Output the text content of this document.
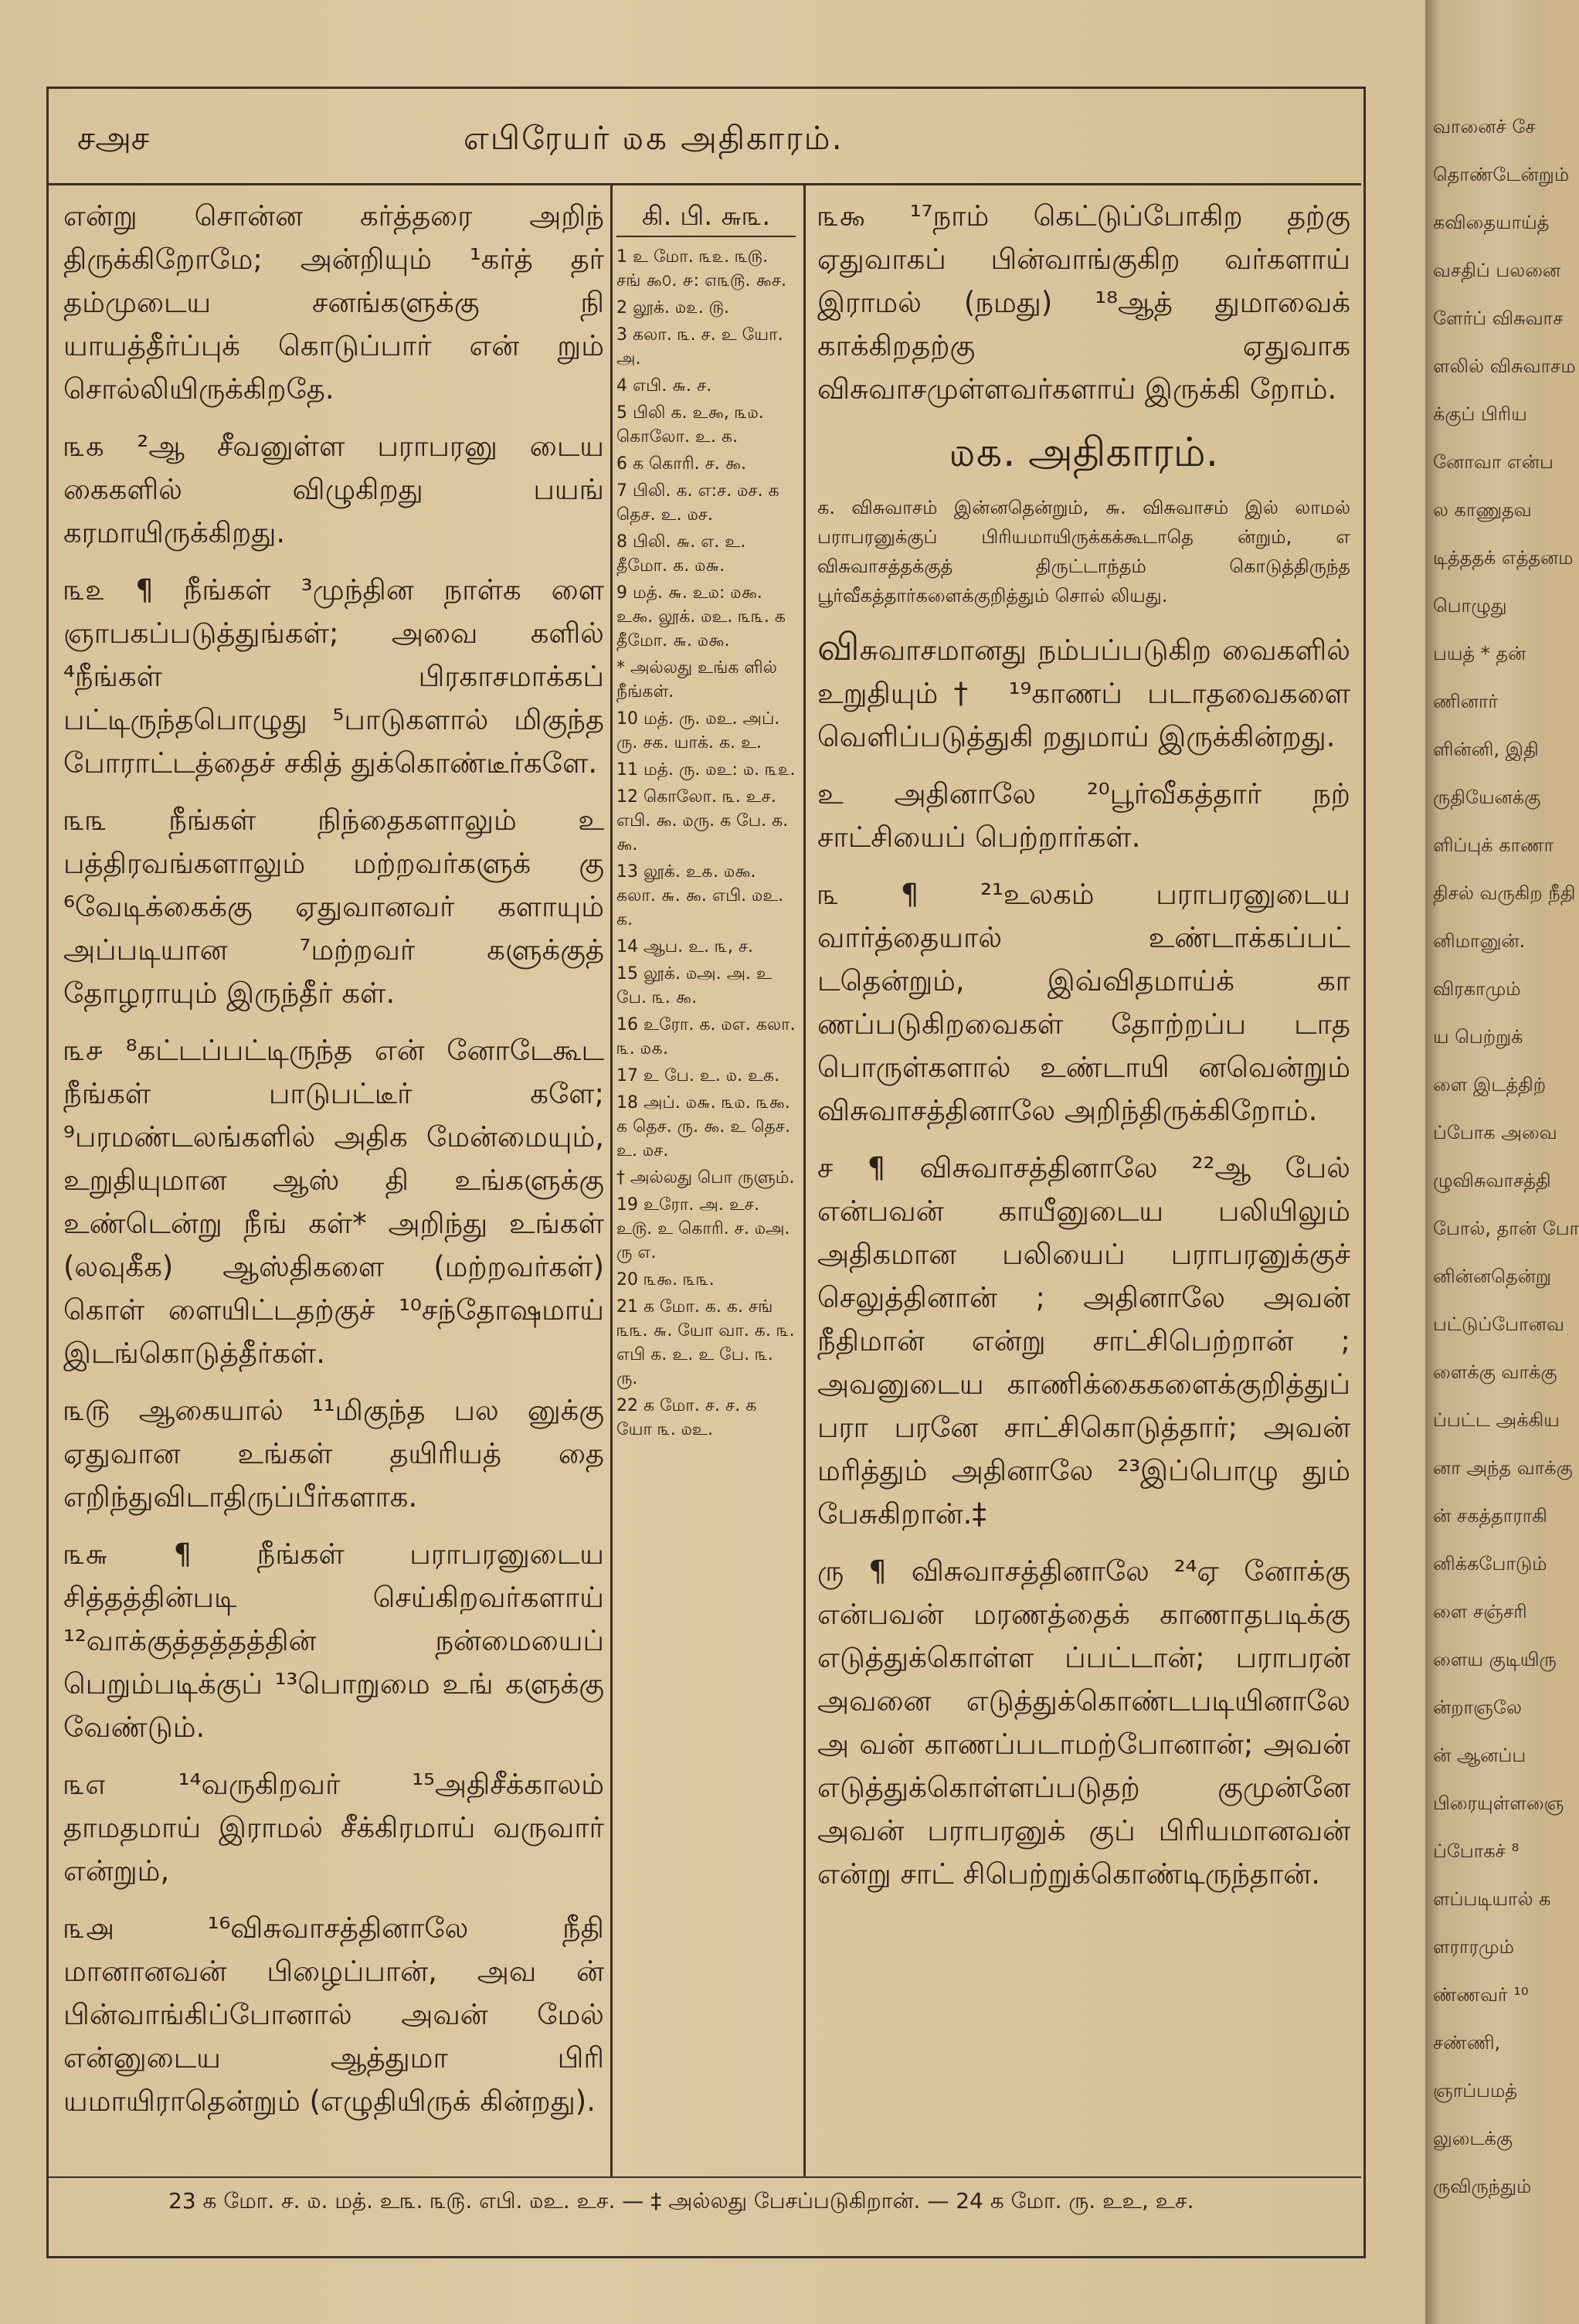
வானைச் சே
தொண்டேன்றும்
கவிதையாய்த்
வசதிப் பலனை
ளேர்ப் விசுவாச
ளலில் விசுவாசம
க்குப் பிரிய
னோவா என்ப
ல காணுதவ
டித்ததக் எத்தனம
பொழுது
பயத் * தன்
ணினார்
ளின்னி, இதி
ருதியேனக்கு
ளிப்புக் காணா
திசல் வருகிற நீதி
னிமானுன்.
விரகாமும்
ய பெற்றுக்
ளை இடத்திற்
ப்போக அவை
ழுவிசுவாசத்தி
போல், தான் போ
னின்னதென்று
பட்டுப்போனவ
ளைக்கு வாக்கு
ப்பட்ட அக்கிய
னா அந்த வாக்கு
ன் சகத்தாராகி
னிக்கபோடும்
ளை சஞ்சரி
ளைய குடியிரு
ன்றாஞலே
ன் ஆனப்ப
பிரையுள்ளஞை
ப்போகச் ⁸
ளப்படியால் க
ளராரமும்
ண்ணவர் ¹⁰
சண்ணி,
ஞாப்பமத்
லுடைக்கு
ருவிருந்தும்
சஅச	எபிரேயர் ௰௧ அதிகாரம்.

என்று சொன்ன கர்த்தரை அறிந் திருக்கிறோமே; அன்றியும் ¹கர்த் தர் தம்முடைய சனங்களுக்கு நி யாயத்தீர்ப்புக் கொடுப்பார் என் றும் சொல்லியிருக்கிறதே.

௩௧ ²ஆ சீவனுள்ள பராபரனு டைய கைகளில் விழுகிறது பயங் கரமாயிருக்கிறது.

௩௨ ¶ நீங்கள் ³முந்தின நாள்க ளை ஞாபகப்படுத்துங்கள்; அவை களில் ⁴நீங்கள் பிரகாசமாக்கப் பட்டிருந்தபொழுது ⁵பாடுகளால் மிகுந்த போராட்டத்தைச் சகித் துக்கொண்டீர்களே.

௩௩ நீங்கள் நிந்தைகளாலும் உ பத்திரவங்களாலும் மற்றவர்களுக் கு ⁶வேடிக்கைக்கு ஏதுவானவர் களாயும் அப்படியான ⁷மற்றவர் களுக்குத் தோழராயும் இருந்தீர் கள்.

௩௪ ⁸கட்டப்பட்டிருந்த என் னோடேகூட நீங்கள் பாடுபட்டீர் களே; ⁹பரமண்டலங்களில் அதிக மேன்மையும், உறுதியுமான ஆஸ் தி உங்களுக்கு உண்டென்று நீங் கள்* அறிந்து உங்கள் (லவுகீக) ஆஸ்திகளை (மற்றவர்கள்) கொள் ளையிட்டதற்குச் ¹⁰சந்தோஷமாய் இடங்கொடுத்தீர்கள்.

௩௫ ஆகையால் ¹¹மிகுந்த பல னுக்கு ஏதுவான உங்கள் தயிரியத் தை எறிந்துவிடாதிருப்பீர்களாக.

௩௬ ¶ நீங்கள் பராபரனுடைய சித்தத்தின்படி செய்கிறவர்களாய் ¹²வாக்குத்தத்தத்தின் நன்மையைப் பெறும்படிக்குப் ¹³பொறுமை உங் களுக்கு வேண்டும்.

௩௭ ¹⁴வருகிறவர் ¹⁵அதிசீக்காலம் தாமதமாய் இராமல் சீக்கிரமாய் வருவார் என்றும்,

௩௮ ¹⁶விசுவாசத்தினாலே நீதி மானானவன் பிழைப்பான், அவ ன் பின்வாங்கிப்போனால் அவன் மேல் என்னுடைய ஆத்துமா பிரி யமாயிராதென்றும் (எழுதியிருக் கின்றது).

கி. பி. ௬௩.
1 உ மோ. ௩௨. ௩௫. சங் ௯௦. ௪: ௭௩௫. ௯ச.
2 லூக். ௰௨. ௫.
3 கலா. ௩. ச. உ யோ. அ.
4 எபி. ௬. ச.
5 பிலி க. உ௯, ௩௰. கொலோ. உ. க.
6 க கொரி. ச. ௯.
7 பிலி. க. எ:ச. ௰ச. க தெச. உ. ௰ச.
8 பிலி. ௬. எ. உ. தீமோ. க. ௰௬.
9 மத். ௬. உ௰: ௰௯. உ௯. லூக். ௰உ. ௩௩. க தீமோ. ௬. ௰௯.
* அல்லது உங்க ளில் நீங்கள்.
10 மத். ரு. ௰உ. அப். ரு. சக. யாக். க. உ.
11 மத். ரு. ௰உ: ௰. ௩௨.
12 கொலோ. ௩. உச. எபி. ௯. ௰ரு. க பே. க. ௯.
13 லூக். உ௧. ௰௯. கலா. ௬. ௯. எபி. ௰உ. க.
14 ஆப. உ. ௩, ச.
15 லூக். ௰அ. அ. உ பே. ௩. ௯.
16 உரோ. க. ௰எ. கலா. ௩. ௰௧.
17 உ பே. உ. ௰. உக.
18 அப். ௰௬. ௩௰. ௩௯. க தெச. ரு. ௯. உ தெச. உ. ௰ச.
† அல்லது பொ ருளும்.
19 உரோ. அ. உச. உ௫. உ கொரி. ச. ௰அ. ரு எ.
20 ௩௯. ௩௩.
21 க மோ. க. க. சங் ௩௩. ௬. யோ வா. க. ௩. எபி க. உ. உ பே. ௩. ரு.
22 க மோ. ச. ச. க யோ ௩. ௰உ.

௩௯ ¹⁷நாம் கெட்டுப்போகிற தற்கு ஏதுவாகப் பின்வாங்குகிற வர்களாய் இராமல் (நமது) ¹⁸ஆத் துமாவைக் காக்கிறதற்கு ஏதுவாக விசுவாசமுள்ளவர்களாய் இருக்கி றோம்.

௰௧. அதிகாரம்.

க. விசுவாசம் இன்னதென்றும், ௬. விசுவாசம் இல் லாமல் பராபரனுக்குப் பிரியமாயிருக்கக்கூடாதெ ன்றும், எ விசுவாசத்தக்குத் திருட்டாந்தம் கொடுத்திருந்த பூர்வீகத்தார்களைக்குறித்தும் சொல் லியது.

விசுவாசமானது நம்பப்படுகிற வைகளில் உறுதியும்† ¹⁹காணப் படாதவைகளை வெளிப்படுத்துகி றதுமாய் இருக்கின்றது.

உ அதினாலே ²⁰பூர்வீகத்தார் நற் சாட்சியைப் பெற்றார்கள்.

௩ ¶ ²¹உலகம் பராபரனுடைய வார்த்தையால் உண்டாக்கப்பட் டதென்றும், இவ்விதமாய்க் கா ணப்படுகிறவைகள் தோற்றப்ப டாத பொருள்களால் உண்டாயி னவென்றும் விசுவாசத்தினாலே அறிந்திருக்கிறோம்.

ச ¶ விசுவாசத்தினாலே ²²ஆ பேல் என்பவன் காயீனுடைய பலியிலும் அதிகமான பலியைப் பராபரனுக்குச் செலுத்தினான் ; அதினாலே அவன் நீதிமான் என்று சாட்சிபெற்றான் ; அவனுடைய காணிக்கைகளைக்குறித்துப் பரா பரனே சாட்சிகொடுத்தார்; அவன் மரித்தும் அதினாலே ²³இப்பொழு தும் பேசுகிறான்.‡

ரு ¶ விசுவாசத்தினாலே ²⁴ஏ னோக்கு என்பவன் மரணத்தைக் காணாதபடிக்கு எடுத்துக்கொள்ள ப்பட்டான்; பராபரன் அவனை எடுத்துக்கொண்டபடியினாலே அ வன் காணப்படாமற்போனான்; அவன் எடுத்துக்கொள்ளப்படுதற் குமுன்னே அவன் பராபரனுக் குப் பிரியமானவன் என்று சாட் சிபெற்றுக்கொண்டிருந்தான்.

23 க மோ. ச. ௰. மத். உ௩. ௩௫. எபி. ௰உ. உச. — ‡ அல்லது பேசப்படுகிறான். — 24 க மோ. ரு. உஉ, உச.
